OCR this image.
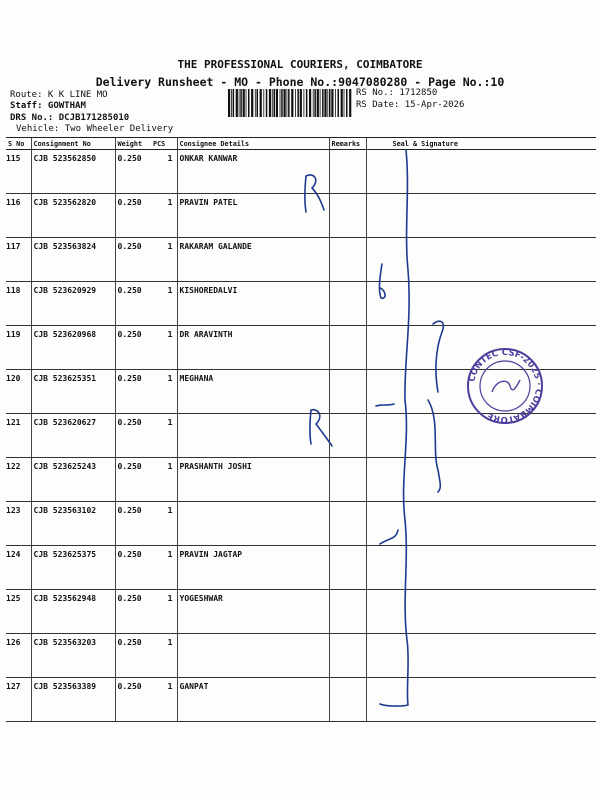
THE PROFESSIONAL COURIERS, COIMBATORE
Delivery Runsheet - MO - Phone No.:9047080280 - Page No.:10
Route: K K LINE MO
Staff: GOWTHAM
DRS No.: DCJB171285010
Vehicle: Two Wheeler Delivery
RS No.: 1712850
RS Date: 15-Apr-2026
S No	Consignment No	Weight	PCS	Consignee Details	Remarks	Seal & Signature
115	CJB 523562850	0.250	1	ONKAR KANWAR		
116	CJB 523562820	0.250	1	PRAVIN PATEL		
117	CJB 523563824	0.250	1	RAKARAM GALANDE		
118	CJB 523620929	0.250	1	KISHOREDALVI		
119	CJB 523620968	0.250	1	DR ARAVINTH		
120	CJB 523625351	0.250	1	MEGHANA		
121	CJB 523620627	0.250	1			
122	CJB 523625243	0.250	1	PRASHANTH JOSHI		
123	CJB 523563102	0.250	1			
124	CJB 523625375	0.250	1	PRAVIN JAGTAP		
125	CJB 523562948	0.250	1	YOGESHWAR		
126	CJB 523563203	0.250	1			
127	CJB 523563389	0.250	1	GANPAT		
CONTEC CSF-2025 · COIMBATORE
